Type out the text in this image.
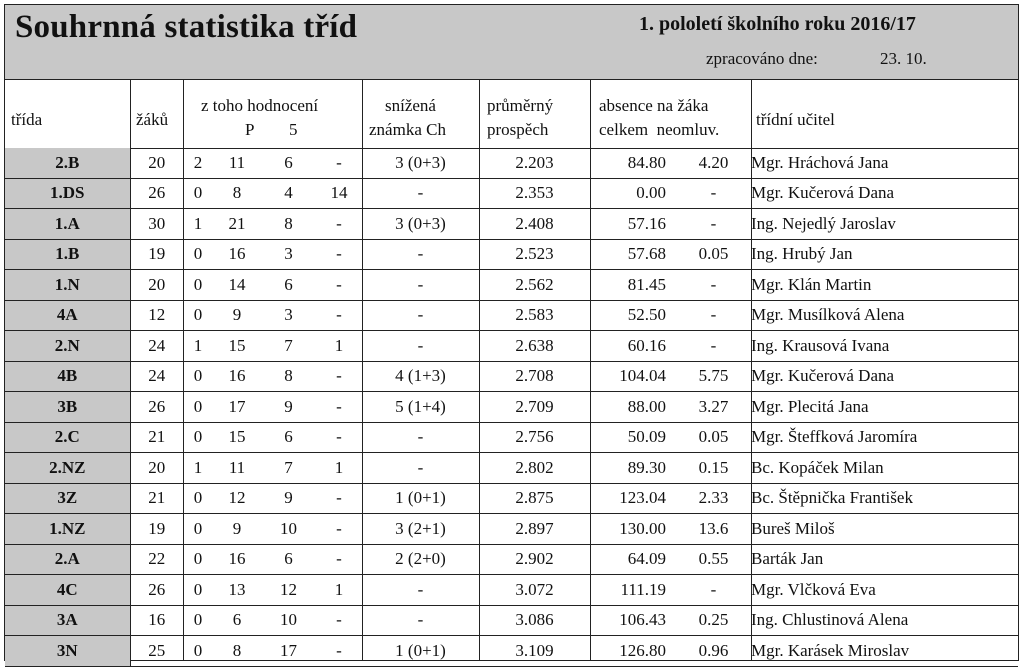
Souhrnná statistika tříd	1. pololetí školního roku 2016/17
zpracováno dne:	23. 10.
třída	žáků
z toho hodnocení
P 5
snížená
známka Ch
průměrný
prospěch
absence na žáka
celkem  neomluv.
třídní učitel
2.B	20	2	11	6	-	3 (0+3)	2.203	84.80	4.20	Mgr. Hráchová Jana
1.DS	26	0	8	4	14	-	2.353	0.00	-	Mgr. Kučerová Dana
1.A	30	1	21	8	-	3 (0+3)	2.408	57.16	-	Ing. Nejedlý Jaroslav
1.B	19	0	16	3	-	-	2.523	57.68	0.05	Ing. Hrubý Jan
1.N	20	0	14	6	-	-	2.562	81.45	-	Mgr. Klán Martin
4A	12	0	9	3	-	-	2.583	52.50	-	Mgr. Musílková Alena
2.N	24	1	15	7	1	-	2.638	60.16	-	Ing. Krausová Ivana
4B	24	0	16	8	-	4 (1+3)	2.708	104.04	5.75	Mgr. Kučerová Dana
3B	26	0	17	9	-	5 (1+4)	2.709	88.00	3.27	Mgr. Plecitá Jana
2.C	21	0	15	6	-	-	2.756	50.09	0.05	Mgr. Šteffková Jaromíra
2.NZ	20	1	11	7	1	-	2.802	89.30	0.15	Bc. Kopáček Milan
3Z	21	0	12	9	-	1 (0+1)	2.875	123.04	2.33	Bc. Štěpnička František
1.NZ	19	0	9	10	-	3 (2+1)	2.897	130.00	13.6	Bureš Miloš
2.A	22	0	16	6	-	2 (2+0)	2.902	64.09	0.55	Barták Jan
4C	26	0	13	12	1	-	3.072	111.19	-	Mgr. Vlčková Eva
3A	16	0	6	10	-	-	3.086	106.43	0.25	Ing. Chlustinová Alena
3N	25	0	8	17	-	1 (0+1)	3.109	126.80	0.96	Mgr. Karásek Miroslav
